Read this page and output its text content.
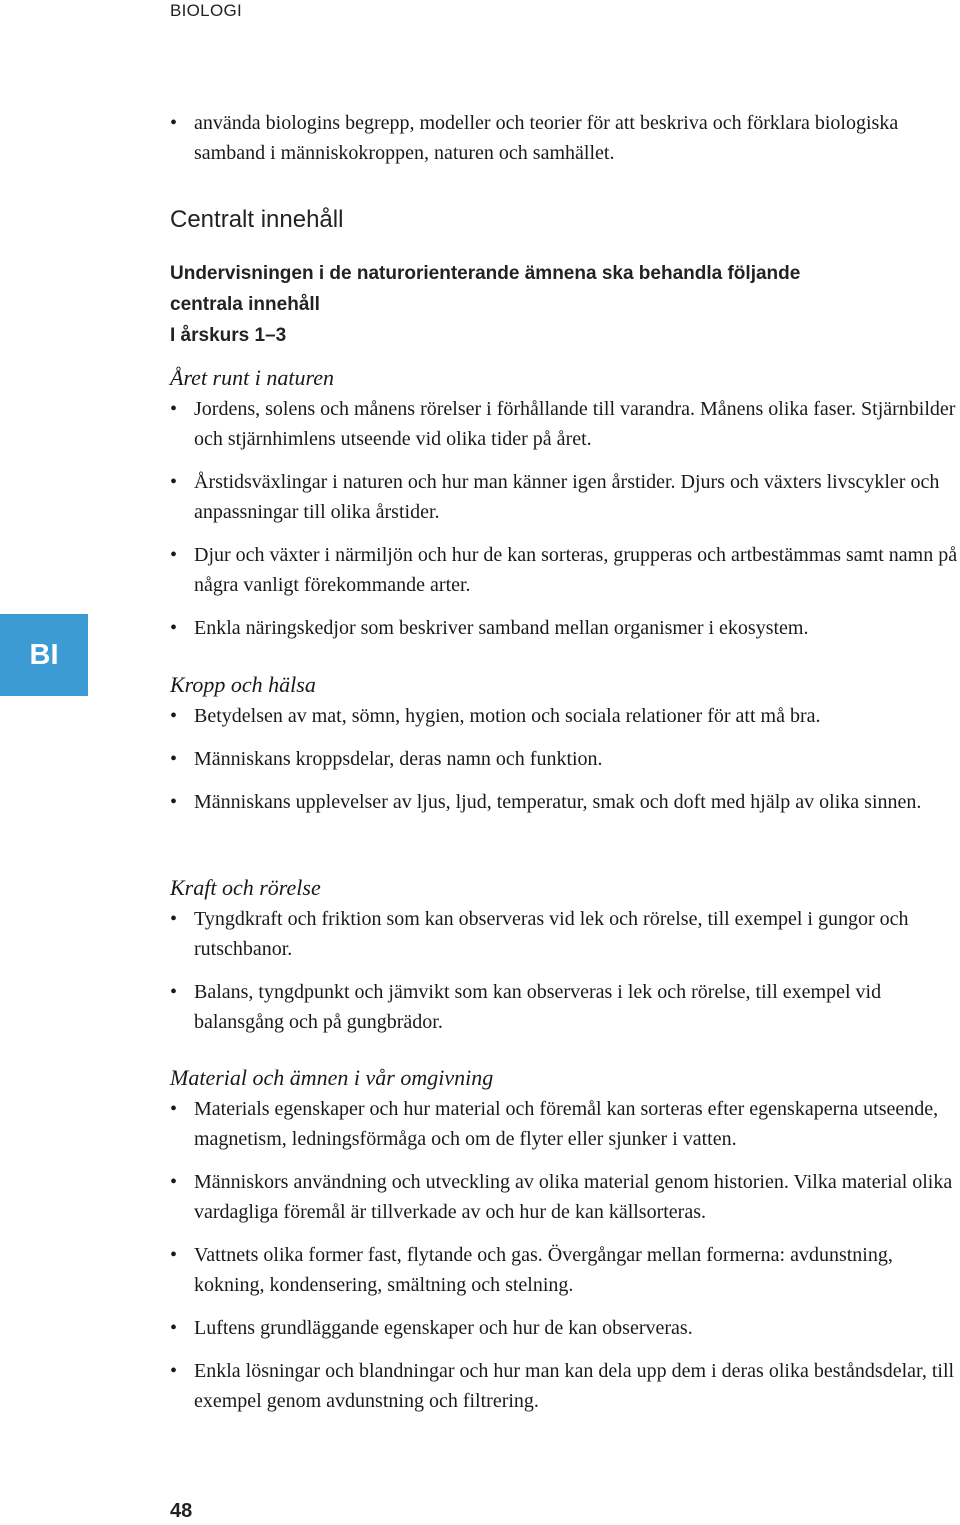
BIOLOGI
BI
• använda biologins begrepp, modeller och teorier för att beskriva och förklara biologiska samband i människokroppen, naturen och samhället.
Centralt innehåll
Undervisningen i de naturorienterande ämnena ska behandla följande centrala innehåll
I årskurs 1–3
Året runt i naturen
• Jordens, solens och månens rörelser i förhållande till varandra. Månens olika faser. Stjärnbilder och stjärnhimlens utseende vid olika tider på året.
• Årstidsväxlingar i naturen och hur man känner igen årstider. Djurs och växters livscykler och anpassningar till olika årstider.
• Djur och växter i närmiljön och hur de kan sorteras, grupperas och artbestämmas samt namn på några vanligt förekommande arter.
• Enkla näringskedjor som beskriver samband mellan organismer i ekosystem.
Kropp och hälsa
• Betydelsen av mat, sömn, hygien, motion och sociala relationer för att må bra.
• Människans kroppsdelar, deras namn och funktion.
• Människans upplevelser av ljus, ljud, temperatur, smak och doft med hjälp av olika sinnen.
Kraft och rörelse
• Tyngdkraft och friktion som kan observeras vid lek och rörelse, till exempel i gungor och rutschbanor.
• Balans, tyngdpunkt och jämvikt som kan observeras i lek och rörelse, till exempel vid balansgång och på gungbrädor.
Material och ämnen i vår omgivning
• Materials egenskaper och hur material och föremål kan sorteras efter egenskaperna utseende, magnetism, ledningsförmåga och om de flyter eller sjunker i vatten.
• Människors användning och utveckling av olika material genom historien. Vilka material olika vardagliga föremål är tillverkade av och hur de kan källsorteras.
• Vattnets olika former fast, flytande och gas. Övergångar mellan formerna: avdunstning, kokning, kondensering, smältning och stelning.
• Luftens grundläggande egenskaper och hur de kan observeras.
• Enkla lösningar och blandningar och hur man kan dela upp dem i deras olika beståndsdelar, till exempel genom avdunstning och filtrering.
48
